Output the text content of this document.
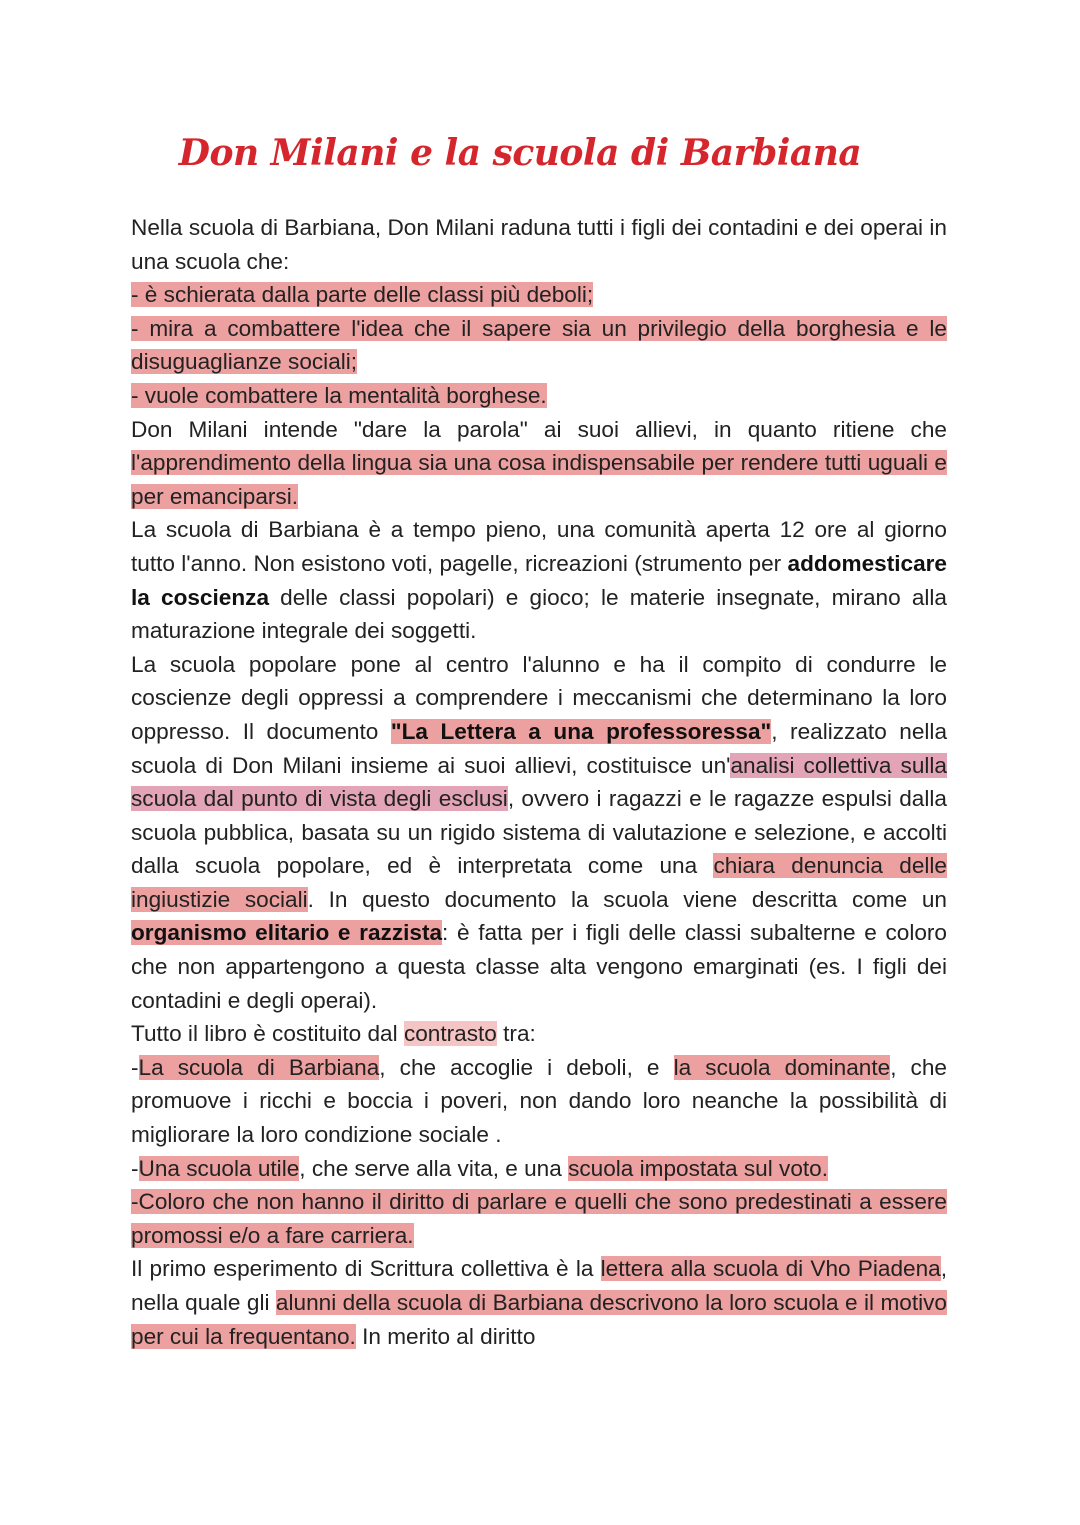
Don Milani e la scuola di Barbiana

Nella scuola di Barbiana, Don Milani raduna tutti i figli dei contadini e dei operai in una scuola che:
- è schierata dalla parte delle classi più deboli;
- mira a combattere l'idea che il sapere sia un privilegio della borghesia e le disuguaglianze sociali;
- vuole combattere la mentalità borghese.

Don Milani intende "dare la parola" ai suoi allievi, in quanto ritiene che l'apprendimento della lingua sia una cosa indispensabile per rendere tutti uguali e per emanciparsi.

La scuola di Barbiana è a tempo pieno, una comunità aperta 12 ore al giorno tutto l'anno. Non esistono voti, pagelle, ricreazioni (strumento per addomesticare la coscienza delle classi popolari) e gioco; le materie insegnate, mirano alla maturazione integrale dei soggetti.

La scuola popolare pone al centro l'alunno e ha il compito di condurre le coscienze degli oppressi a comprendere i meccanismi che determinano la loro oppresso. Il documento "La Lettera a una professoressa", realizzato nella scuola di Don Milani insieme ai suoi allievi, costituisce un'analisi collettiva sulla scuola dal punto di vista degli esclusi, ovvero i ragazzi e le ragazze espulsi dalla scuola pubblica, basata su un rigido sistema di valutazione e selezione, e accolti dalla scuola popolare, ed è interpretata come una chiara denuncia delle ingiustizie sociali. In questo documento la scuola viene descritta come un organismo elitario e razzista: è fatta per i figli delle classi subalterne e coloro che non appartengono a questa classe alta vengono emarginati (es. I figli dei contadini e degli operai).

Tutto il libro è costituito dal contrasto tra:

-La scuola di Barbiana, che accoglie i deboli, e la scuola dominante, che promuove i ricchi e boccia i poveri, non dando loro neanche la possibilità di migliorare la loro condizione sociale .

-Una scuola utile, che serve alla vita, e una scuola impostata sul voto.

-Coloro che non hanno il diritto di parlare e quelli che sono predestinati a essere promossi e/o a fare carriera.

Il primo esperimento di Scrittura collettiva è la lettera alla scuola di Vho Piadena, nella quale gli alunni della scuola di Barbiana descrivono la loro scuola e il motivo per cui la frequentano. In merito al diritto
